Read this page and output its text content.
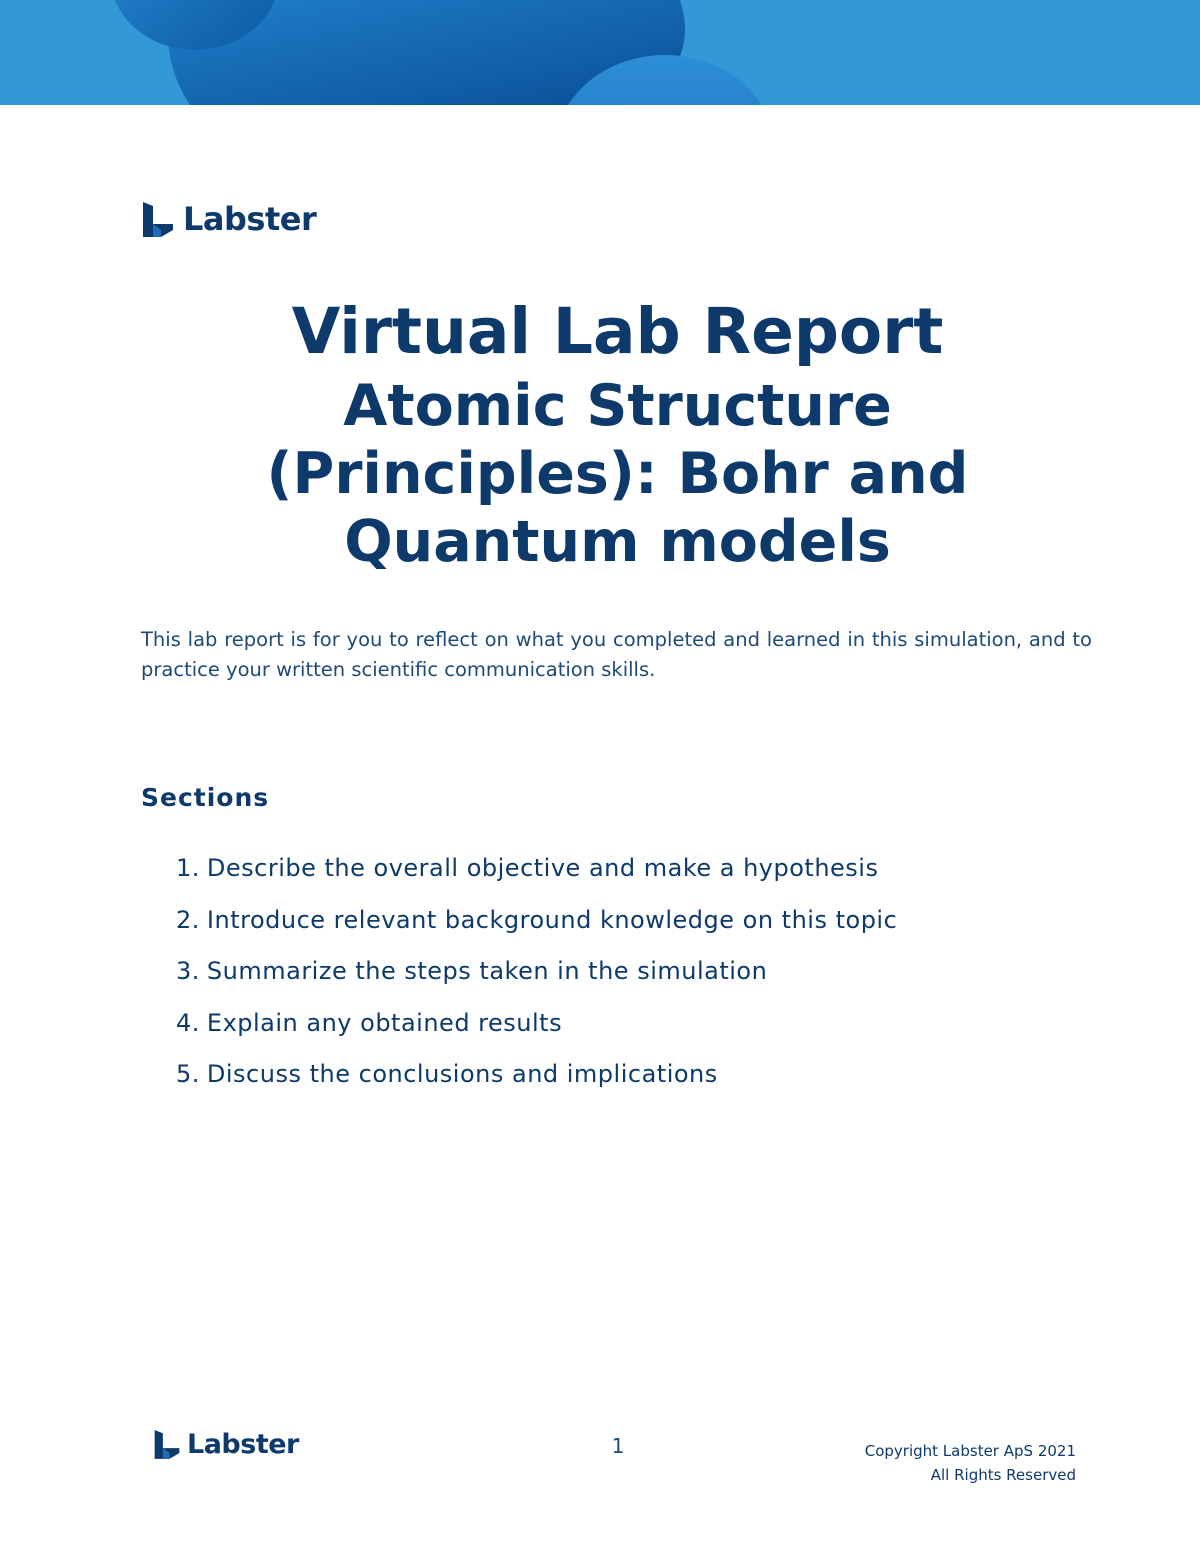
Labster
Virtual Lab Report
Atomic Structure
(Principles): Bohr and
Quantum models

This lab report is for you to reflect on what you completed and learned in this simulation, and to practice your written scientific communication skills.

Sections
1. Describe the overall objective and make a hypothesis
2. Introduce relevant background knowledge on this topic
3. Summarize the steps taken in the simulation
4. Explain any obtained results
5. Discuss the conclusions and implications
Labster	1	Copyright Labster ApS 2021
All Rights Reserved
